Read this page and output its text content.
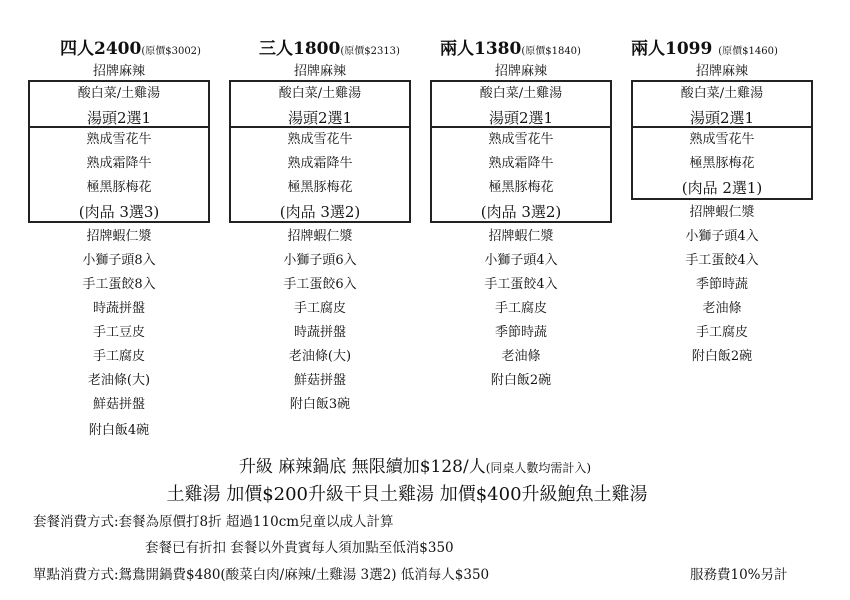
四人2400(原價$3002)
招牌麻辣
酸白菜/土雞湯
湯頭2選1
熟成雪花牛
熟成霜降牛
極黑豚梅花
(肉品 3選3)
招牌蝦仁漿
小獅子頭8入
手工蛋餃8入
時蔬拼盤
手工豆皮
手工腐皮
老油條(大)
鮮菇拼盤
附白飯4碗
三人1800(原價$2313)
招牌麻辣
酸白菜/土雞湯
湯頭2選1
熟成雪花牛
熟成霜降牛
極黑豚梅花
(肉品 3選2)
招牌蝦仁漿
小獅子頭6入
手工蛋餃6入
手工腐皮
時蔬拼盤
老油條(大)
鮮菇拼盤
附白飯3碗
兩人1380(原價$1840)
招牌麻辣
酸白菜/土雞湯
湯頭2選1
熟成雪花牛
熟成霜降牛
極黑豚梅花
(肉品 3選2)
招牌蝦仁漿
小獅子頭4入
手工蛋餃4入
手工腐皮
季節時蔬
老油條
附白飯2碗
兩人1099 (原價$1460)
招牌麻辣
酸白菜/土雞湯
湯頭2選1
熟成雪花牛
極黑豚梅花
(肉品 2選1)
招牌蝦仁漿
小獅子頭4入
手工蛋餃4入
季節時蔬
老油條
手工腐皮
附白飯2碗
升級 麻辣鍋底 無限續加$128/人(同桌人數均需計入)
土雞湯 加價$200升級干貝土雞湯 加價$400升級鮑魚土雞湯
套餐消費方式:套餐為原價打8折 超過110cm兒童以成人計算
套餐已有折扣 套餐以外貴賓每人須加點至低消$350
單點消費方式:鴛鴦開鍋費$480(酸菜白肉/麻辣/土雞湯 3選2) 低消每人$350	服務費10%另計
